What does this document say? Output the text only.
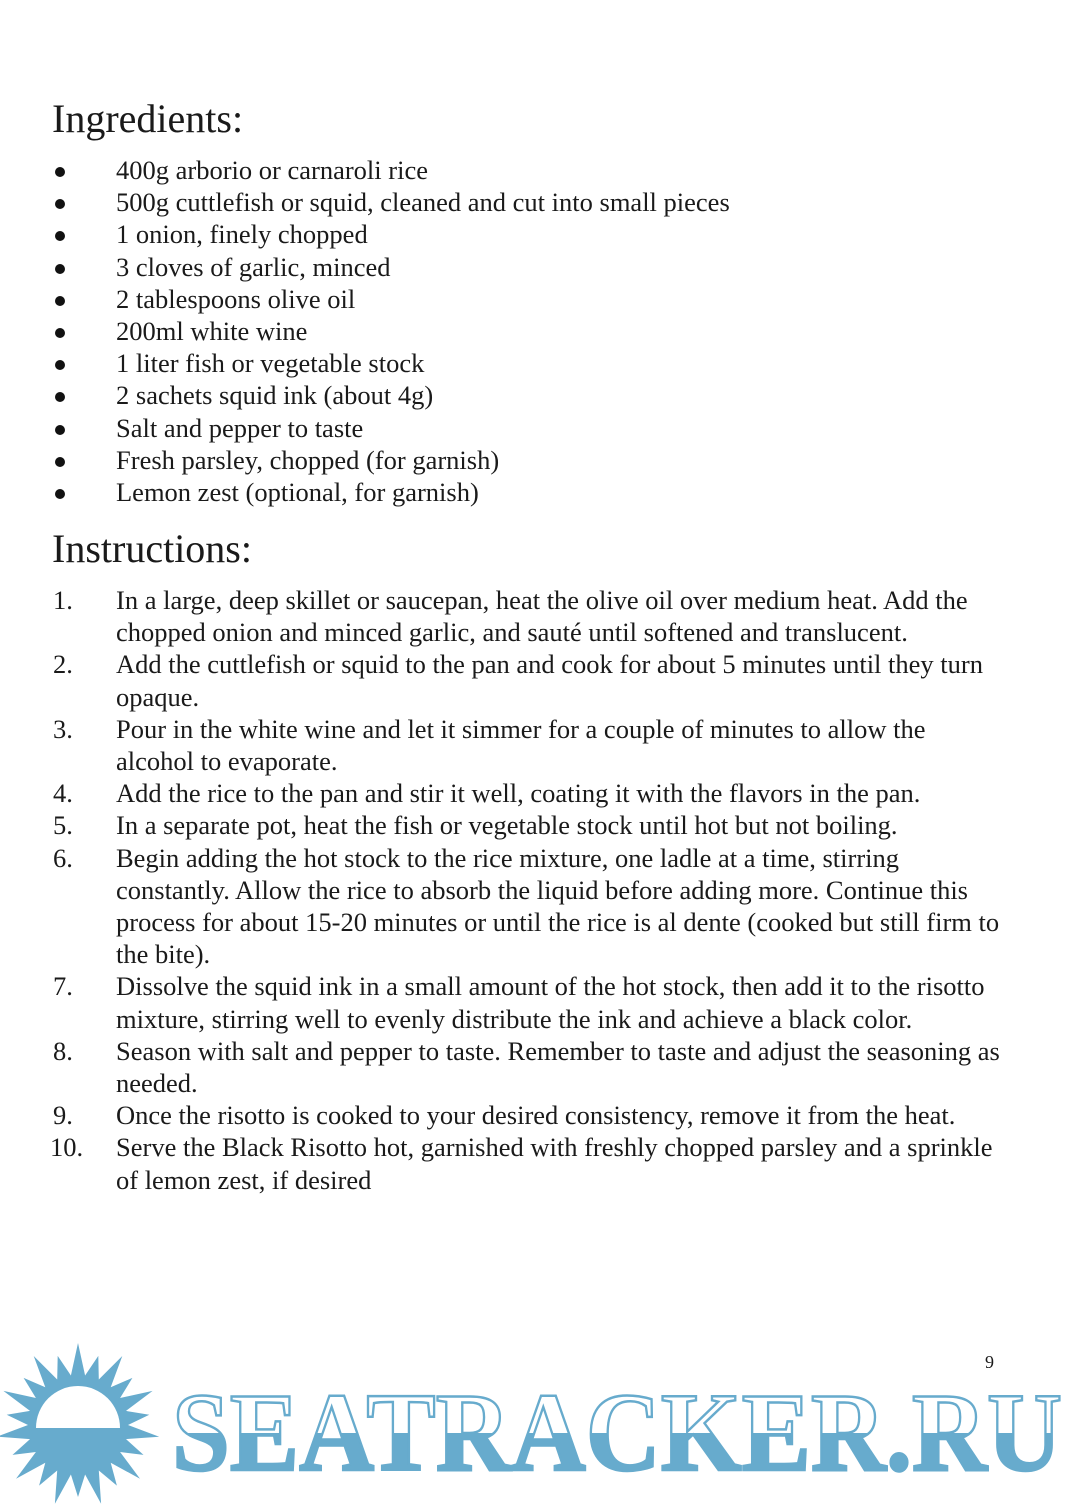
Ingredients:
400g arborio or carnaroli rice
500g cuttlefish or squid, cleaned and cut into small pieces
1 onion, finely chopped
3 cloves of garlic, minced
2 tablespoons olive oil
200ml white wine
1 liter fish or vegetable stock
2 sachets squid ink (about 4g)
Salt and pepper to taste
Fresh parsley, chopped (for garnish)
Lemon zest (optional, for garnish)
Instructions:
1. In a large, deep skillet or saucepan, heat the olive oil over medium heat. Add the chopped onion and minced garlic, and sauté until softened and translucent.
2. Add the cuttlefish or squid to the pan and cook for about 5 minutes until they turn opaque.
3. Pour in the white wine and let it simmer for a couple of minutes to allow the alcohol to evaporate.
4. Add the rice to the pan and stir it well, coating it with the flavors in the pan.
5. In a separate pot, heat the fish or vegetable stock until hot but not boiling.
6. Begin adding the hot stock to the rice mixture, one ladle at a time, stirring constantly. Allow the rice to absorb the liquid before adding more. Continue this process for about 15-20 minutes or until the rice is al dente (cooked but still firm to the bite).
7. Dissolve the squid ink in a small amount of the hot stock, then add it to the risotto mixture, stirring well to evenly distribute the ink and achieve a black color.
8. Season with salt and pepper to taste. Remember to taste and adjust the seasoning as needed.
9. Once the risotto is cooked to your desired consistency, remove it from the heat.
10. Serve the Black Risotto hot, garnished with freshly chopped parsley and a sprinkle of lemon zest, if desired
SEATRACKER.RU
9
